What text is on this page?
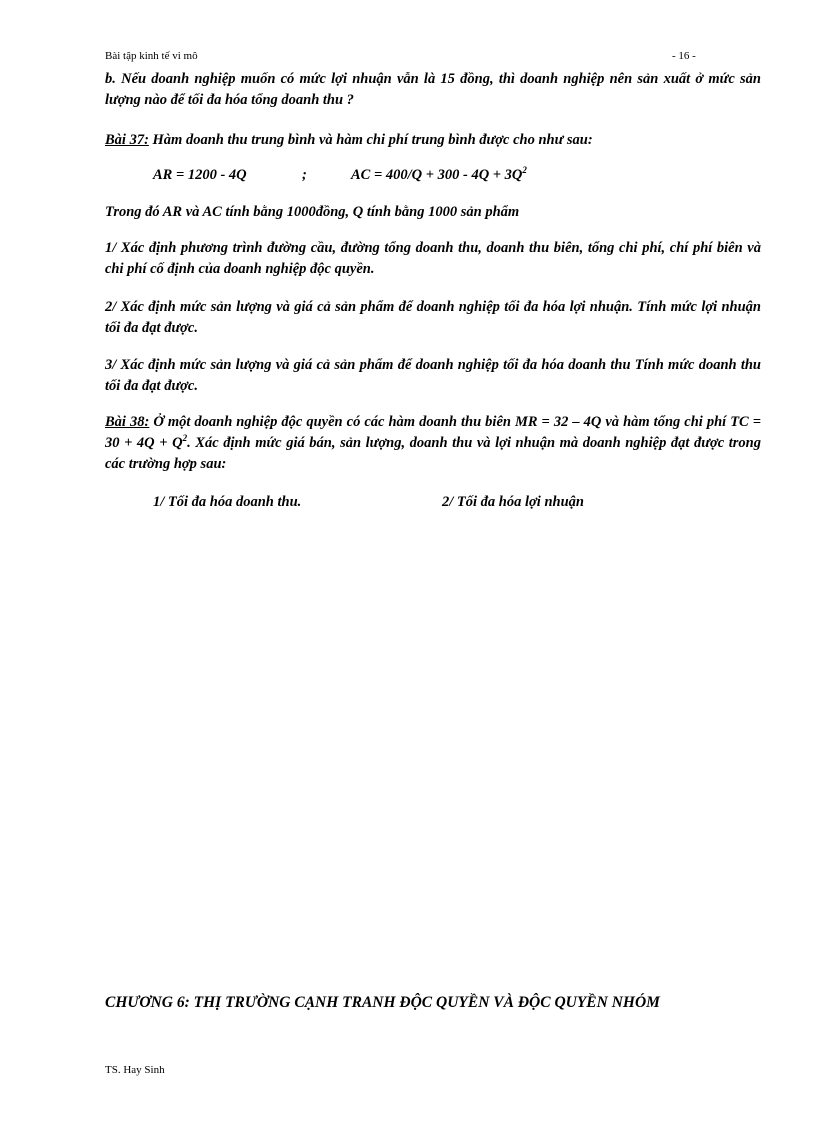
Bài tập kinh tế vi mô	- 16 -
b. Nếu doanh nghiệp muốn có mức lợi nhuận vẫn là 15 đồng, thì doanh nghiệp nên sản xuất ở mức sản lượng nào để tối đa hóa tổng doanh thu ?
Bài 37: Hàm doanh thu trung bình và hàm chi phí trung bình được cho như sau:
AR = 1200 - 4Q	;	AC = $400/Q + 300 - 4Q + 3Q^2$
Trong đó AR và AC tính bằng 1000đồng, Q tính bằng 1000 sản phẩm
1/ Xác định phương trình đường cầu, đường tổng doanh thu, doanh thu biên, tổng chi phí, chí phí biên và chi phí cố định của doanh nghiệp độc quyền.
2/ Xác định mức sản lượng và giá cả sản phẩm để doanh nghiệp tối đa hóa lợi nhuận. Tính mức lợi nhuận tối đa đạt được.
3/ Xác định mức sản lượng và giá cả sản phẩm để doanh nghiệp tối đa hóa doanh thu Tính mức doanh thu tối đa đạt được.
Bài 38: Ở một doanh nghiệp độc quyền có các hàm doanh thu biên MR = 32 – 4Q và hàm tổng chi phí TC = $30 + 4Q + Q^2$. Xác định mức giá bán, sản lượng, doanh thu và lợi nhuận mà doanh nghiệp đạt được trong các trường hợp sau:
1/ Tối đa hóa doanh thu.	2/ Tối đa hóa lợi nhuận
CHƯƠNG 6: THỊ TRƯỜNG CẠNH TRANH ĐỘC QUYỀN VÀ ĐỘC QUYỀN NHÓM
TS. Hay Sinh
